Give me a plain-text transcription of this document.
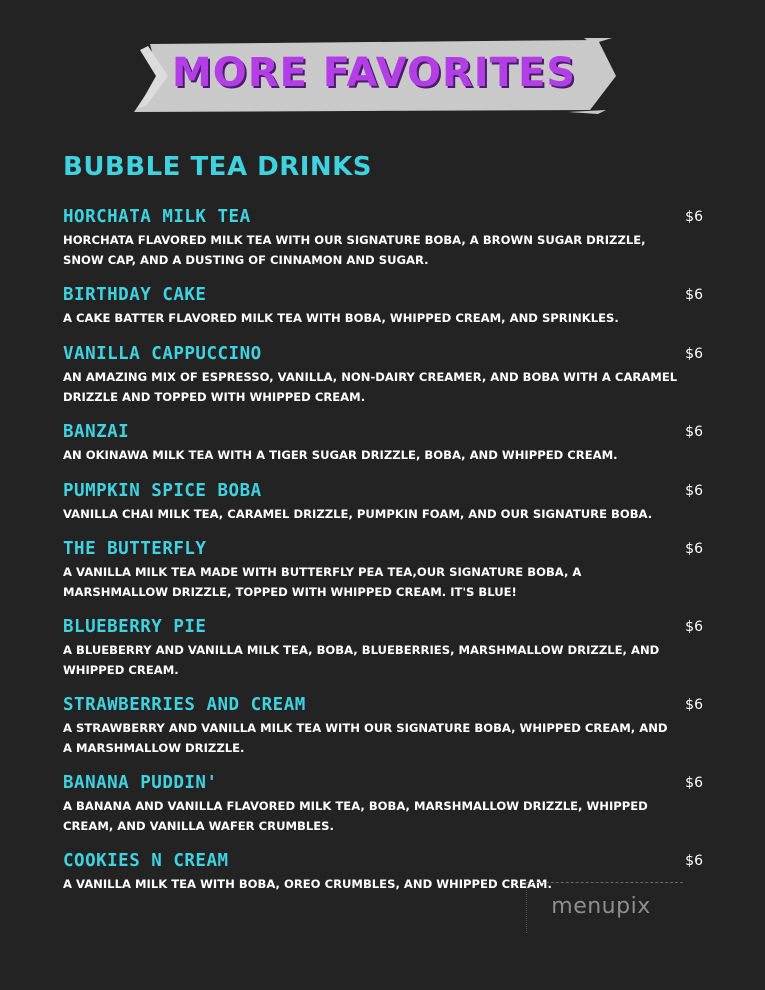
MORE FAVORITES
BUBBLE TEA DRINKS
HORCHATA MILK TEA	$6
HORCHATA FLAVORED MILK TEA WITH OUR SIGNATURE BOBA, A BROWN SUGAR DRIZZLE, SNOW CAP, AND A DUSTING OF CINNAMON AND SUGAR.
BIRTHDAY CAKE	$6
A CAKE BATTER FLAVORED MILK TEA WITH BOBA, WHIPPED CREAM, AND SPRINKLES.
VANILLA CAPPUCCINO	$6
AN AMAZING MIX OF ESPRESSO, VANILLA, NON-DAIRY CREAMER, AND BOBA WITH A CARAMEL DRIZZLE AND TOPPED WITH WHIPPED CREAM.
BANZAI	$6
AN OKINAWA MILK TEA WITH A TIGER SUGAR DRIZZLE, BOBA, AND WHIPPED CREAM.
PUMPKIN SPICE BOBA	$6
VANILLA CHAI MILK TEA, CARAMEL DRIZZLE, PUMPKIN FOAM, AND OUR SIGNATURE BOBA.
THE BUTTERFLY	$6
A VANILLA MILK TEA MADE WITH BUTTERFLY PEA TEA,OUR SIGNATURE BOBA, A MARSHMALLOW DRIZZLE, TOPPED WITH WHIPPED CREAM. IT'S BLUE!
BLUEBERRY PIE	$6
A BLUEBERRY AND VANILLA MILK TEA, BOBA, BLUEBERRIES, MARSHMALLOW DRIZZLE, AND WHIPPED CREAM.
STRAWBERRIES AND CREAM	$6
A STRAWBERRY AND VANILLA MILK TEA WITH OUR SIGNATURE BOBA, WHIPPED CREAM, AND A MARSHMALLOW DRIZZLE.
BANANA PUDDIN'	$6
A BANANA AND VANILLA FLAVORED MILK TEA, BOBA, MARSHMALLOW DRIZZLE, WHIPPED CREAM, AND VANILLA WAFER CRUMBLES.
COOKIES N CREAM	$6
A VANILLA MILK TEA WITH BOBA, OREO CRUMBLES, AND WHIPPED CREAM.
menupix
